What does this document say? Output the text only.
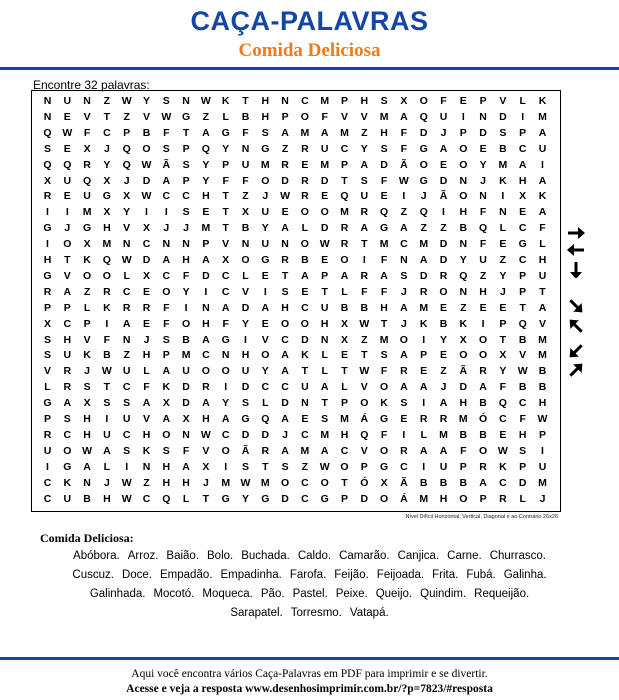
CAÇA-PALAVRAS
Comida Deliciosa
Encontre 32 palavras:
N	U	N	Z	W	Y	S	N	W	K	T	H	N	C	M	P	H	S	X	O	F	E	P	V	L	K
N	E	V	T	Z	V	W	G	Z	L	B	H	P	O	F	V	V	M	A	Q	U	I	N	D	I	M
Q	W	F	C	P	B	F	T	A	G	F	S	A	M	A	M	Z	H	F	D	J	P	D	S	P	A
S	E	X	J	Q	O	S	P	Q	Y	N	G	Z	R	U	C	Y	S	F	G	A	O	E	B	C	U
Q	Q	R	Y	Q	W	Ã	S	Y	P	U	M	R	E	M	P	A	D	Ã	O	E	O	Y	M	A	I
X	U	Q	X	J	D	A	P	Y	F	F	O	D	R	D	T	S	F	W	G	D	N	J	K	H	A
R	E	U	G	X	W	C	C	H	T	Z	J	W	R	E	Q	U	E	I	J	Ã	O	N	I	X	K
I	I	M	X	Y	I	I	S	E	T	X	U	E	O	O	M	R	Q	Z	Q	I	H	F	N	E	A
G	J	G	H	V	X	J	J	M	T	B	Y	A	L	D	R	A	G	A	Z	Z	B	Q	L	C	F
I	O	X	M	N	C	N	N	P	V	N	U	N	O	W	R	T	M	C	M	D	N	F	E	G	L
H	T	K	Q	W	D	A	H	A	X	O	G	R	B	E	O	I	F	N	A	D	Y	U	Z	C	H
G	V	O	O	L	X	C	F	D	C	L	E	T	A	P	A	R	A	S	D	R	Q	Z	Y	P	U
R	A	Z	R	C	E	O	Y	I	C	V	I	S	E	T	L	F	F	J	R	O	N	H	J	P	T
P	P	L	K	R	R	F	I	N	A	D	A	H	C	U	B	B	H	A	M	E	Z	E	E	T	A
X	C	P	I	A	E	F	O	H	F	Y	E	O	O	H	X	W	T	J	K	B	K	I	P	Q	V
S	H	V	F	N	J	S	B	A	G	I	V	C	D	N	X	Z	M	O	I	Y	X	O	T	B	M
S	U	K	B	Z	H	P	M	C	N	H	O	A	K	L	E	T	S	A	P	E	O	O	X	V	M
V	R	J	W	U	L	A	U	O	O	U	Y	A	T	L	T	W	F	R	E	Z	Ã	R	Y	W	B
L	R	S	T	C	F	K	D	R	I	D	C	C	U	A	L	V	O	A	A	J	D	A	F	B	B
G	A	X	S	S	A	X	D	A	Y	S	L	D	N	T	P	O	K	S	I	A	H	B	Q	C	H
P	S	H	I	U	V	A	X	H	A	G	Q	A	E	S	M	Á	G	E	R	R	M	Ó	C	F	W
R	C	H	U	C	H	O	N	W	C	D	D	J	C	M	H	Q	F	I	L	M	B	B	E	H	P
U	O	W	A	S	K	S	F	V	O	Ã	R	A	M	A	C	V	O	R	A	A	F	O	W	S	I
I	G	A	L	I	N	H	A	X	I	S	T	S	Z	W	O	P	G	C	I	U	P	R	K	P	U
C	K	N	J	W	Z	H	H	J	M W M	O	C	O	T	Ó	X	Ã	B	B	B	A	C	D	M
C	U	B	H	W	C	Q	L	T	G	Y	G	D	C	G	P	D	O	Á	M	H	O	P	R	L	J
Nível Difícil Horizontal, Vertical, Diagonal e ao Contrário 26x26
Comida Deliciosa:
Abóbora. Arroz. Baião. Bolo. Buchada. Caldo. Camarão. Canjica. Carne. Churrasco.
Cuscuz. Doce. Empadão. Empadinha. Farofa. Feijão. Feijoada. Frita. Fubá. Galinha.
Galinhada. Mocotó. Moqueca. Pão. Pastel. Peixe. Queijo. Quindim. Requeijão.
Sarapatel. Torresmo. Vatapá.
Aqui você encontra vários Caça-Palavras em PDF para imprimir e se divertir.
Acesse e veja a resposta www.desenhosimprimir.com.br/?p=7823/#resposta
